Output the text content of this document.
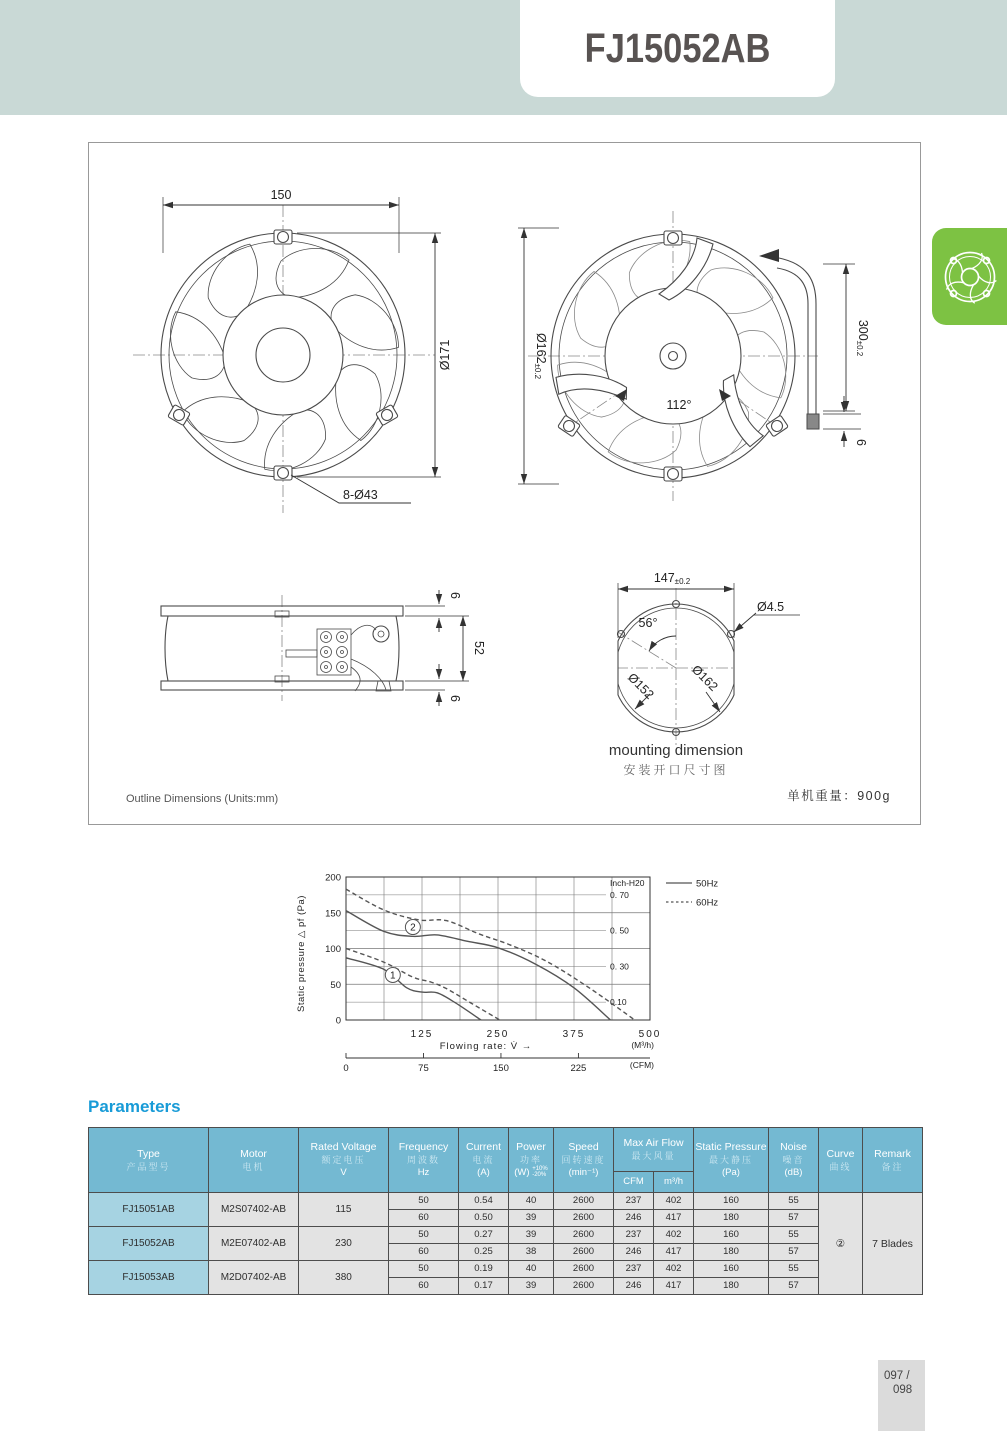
FJ15052AB
150
Ø171
8-Ø43
112°
Ø162±0.2
300±0.2
6
6
52
6
147±0.2
Ø4.5
56°
Ø152	Ø162
mounting dimension
安装开口尺寸图
Outline Dimensions (Units:mm)	单机重量：900g
0.10
0. 30
0. 50
0. 70
Inch-H20
0
50
100
150
200
125	250	375	500
(M³/h)
Flowing rate: V̇ →
0	75	150	225	(CFM)
Static pressure △ pf (Pa)	1
2
50Hz
60Hz
Parameters
Type
产品型号

Motor
电机

Rated Voltage
额定电压
V

Frequency
周波数
Hz

Current
电流
(A)

Power
功率
(W) +10%
-20%

Speed
回转速度
(min⁻¹)

Max Air Flow
最大风量
CFM	m³/h

Static Pressure
最大静压
(Pa)

Noise
噪音
(dB)

Curve
曲线

Remark
备注

FJ15051AB	M2S07402-AB	115	50	0.54	40	2600	237	402	160	55	②	7 Blades
			60	0.50	39	2600	246	417	180	57		
FJ15052AB	M2E07402-AB	230	50	0.27	39	2600	237	402	160	55		
			60	0.25	38	2600	246	417	180	57		
FJ15053AB	M2D07402-AB	380	50	0.19	40	2600	237	402	160	55		
			60	0.17	39	2600	246	417	180	57		
097 /
098
